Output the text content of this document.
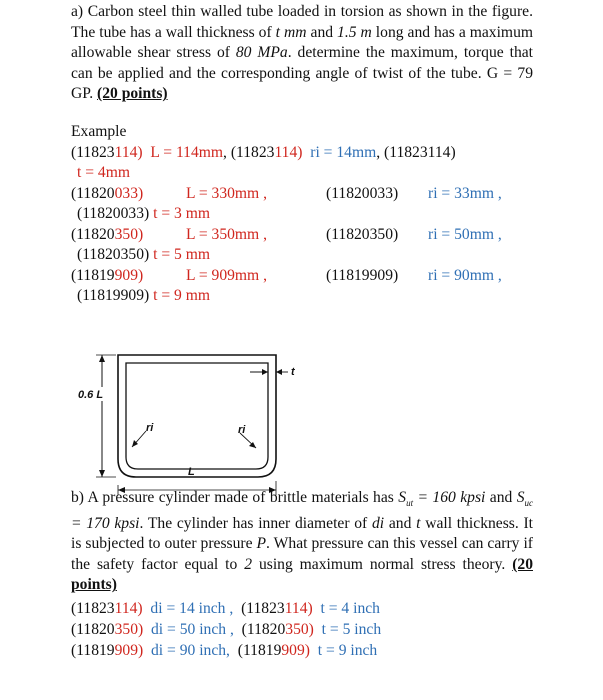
a) Carbon steel thin walled tube loaded in torsion as shown in the figure. The tube has a wall thickness of t mm and 1.5 m long and has a maximum allowable shear stress of 80 MPa. determine the maximum, torque that can be applied and the corresponding angle of twist of the tube. G = 79 GP. (20 points)
Example
(11823114) L = 114mm, (11823114) ri = 14mm, (11823114)
t = 4mm
(11820033)	L = 330mm ,	(11820033) ri = 33mm ,
(11820033) t = 3 mm
(11820350)	L = 350mm ,	(11820350) ri = 50mm ,
(11820350) t = 5 mm
(11819909)	L = 909mm ,	(11819909) ri = 90mm ,
(11819909) t = 9 mm
0.6 L
ri	ri
t
L
b) A pressure cylinder made of brittle materials has $S_{ut} = 160$ kpsi and $S_{uc} = 170$ kpsi. The cylinder has inner diameter of di and t wall thickness. It is subjected to outer pressure P. What pressure can this vessel can carry if the safety factor equal to 2 using maximum normal stress theory. (20 points)
(11823114) di = 14 inch , (11823114) t = 4 inch
(11820350) di = 50 inch , (11820350) t = 5 inch
(11819909) di = 90 inch, (11819909) t = 9 inch
